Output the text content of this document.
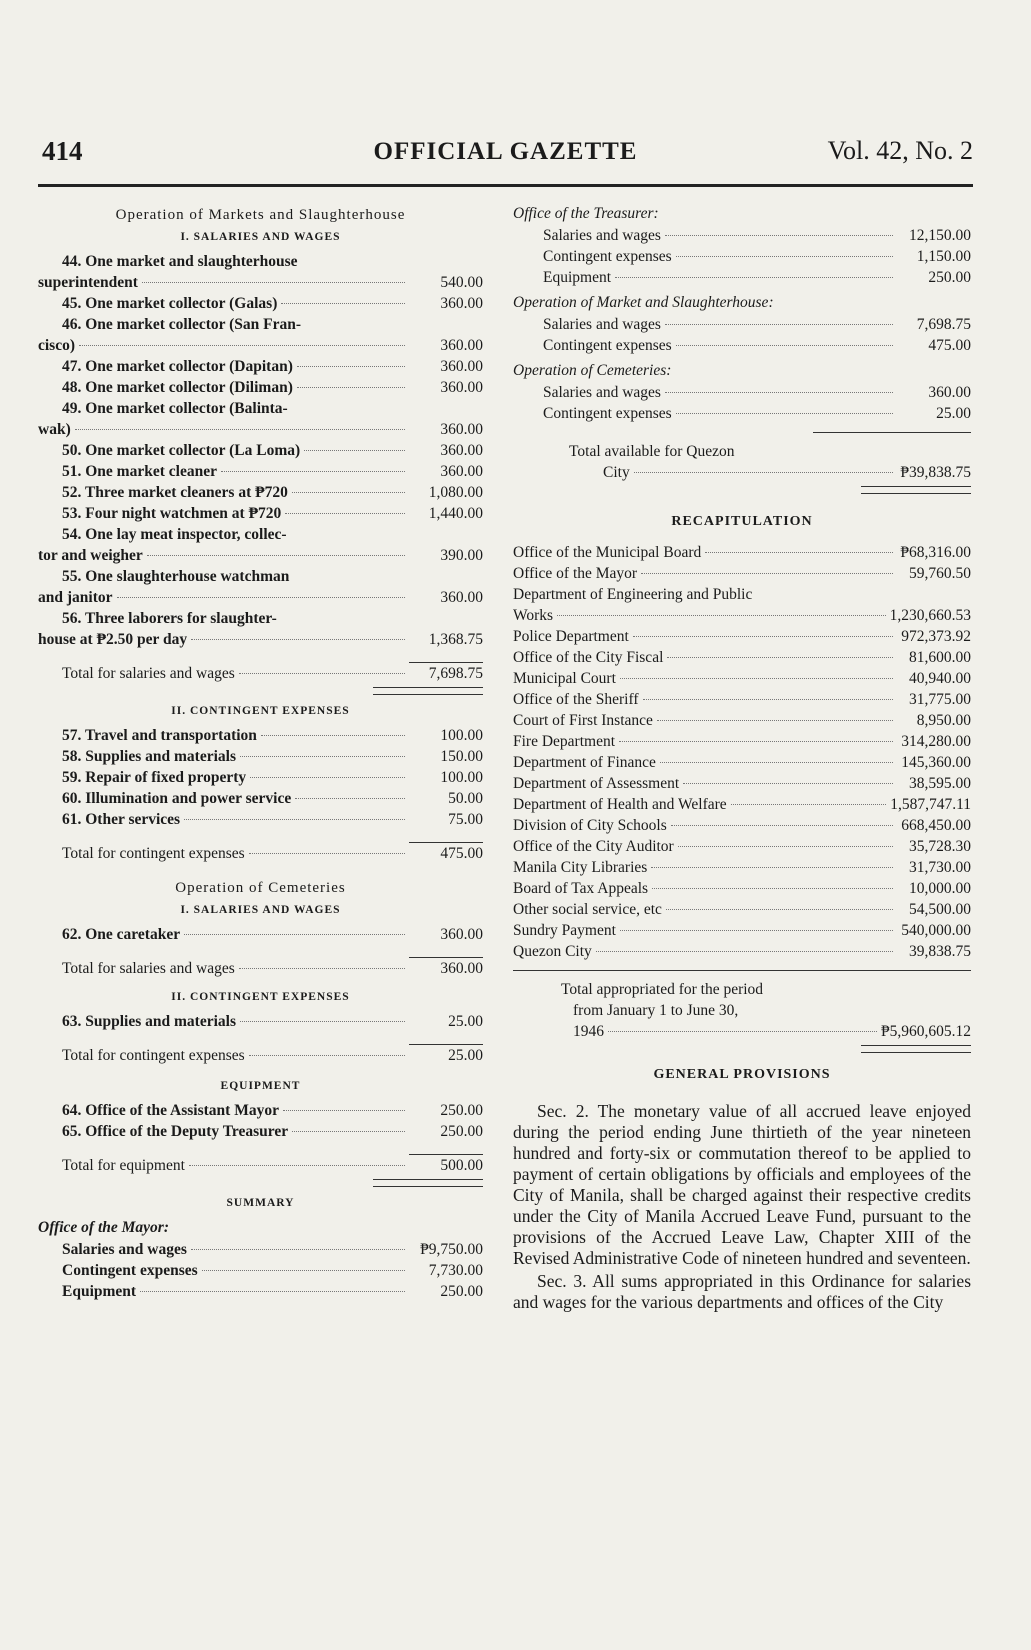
414	OFFICIAL GAZETTE	Vol. 42, No. 2
Operation of Markets and Slaughterhouse
I. SALARIES AND WAGES
44. One market and slaughterhouse
superintendent	540.00
45. One market collector (Galas)	360.00
46. One market collector (San Fran-
cisco)	360.00
47. One market collector (Dapitan)	360.00
48. One market collector (Diliman)	360.00
49. One market collector (Balinta-
wak)	360.00
50. One market collector (La Loma)	360.00
51. One market cleaner	360.00
52. Three market cleaners at ₱720	1,080.00
53. Four night watchmen at ₱720	1,440.00
54. One lay meat inspector, collec-
tor and weigher	390.00
55. One slaughterhouse watchman
and janitor	360.00
56. Three laborers for slaughter-
house at ₱2.50 per day	1,368.75
Total for salaries and wages	7,698.75
II. CONTINGENT EXPENSES
57. Travel and transportation	100.00
58. Supplies and materials	150.00
59. Repair of fixed property	100.00
60. Illumination and power service	50.00
61. Other services	75.00
Total for contingent expenses	475.00
Operation of Cemeteries
I. SALARIES AND WAGES
62. One caretaker	360.00
Total for salaries and wages	360.00
II. CONTINGENT EXPENSES
63. Supplies and materials	25.00
Total for contingent expenses	25.00
EQUIPMENT
64. Office of the Assistant Mayor	250.00
65. Office of the Deputy Treasurer	250.00
Total for equipment	500.00
SUMMARY
Office of the Mayor:
Salaries and wages	₱9,750.00
Contingent expenses	7,730.00
Equipment	250.00
Office of the Treasurer:
Salaries and wages	12,150.00
Contingent expenses	1,150.00
Equipment	250.00
Operation of Market and Slaughterhouse:
Salaries and wages	7,698.75
Contingent expenses	475.00
Operation of Cemeteries:
Salaries and wages	360.00
Contingent expenses	25.00
Total available for Quezon
City	₱39,838.75
RECAPITULATION
Office of the Municipal Board	₱68,316.00
Office of the Mayor	59,760.50
Department of Engineering and Public
Works	1,230,660.53
Police Department	972,373.92
Office of the City Fiscal	81,600.00
Municipal Court	40,940.00
Office of the Sheriff	31,775.00
Court of First Instance	8,950.00
Fire Department	314,280.00
Department of Finance	145,360.00
Department of Assessment	38,595.00
Department of Health and Welfare	1,587,747.11
Division of City Schools	668,450.00
Office of the City Auditor	35,728.30
Manila City Libraries	31,730.00
Board of Tax Appeals	10,000.00
Other social service, etc	54,500.00
Sundry Payment	540,000.00
Quezon City	39,838.75
Total appropriated for the period
from January 1 to June 30,
1946	₱5,960,605.12
GENERAL PROVISIONS

Sec. 2. The monetary value of all accrued leave enjoyed during the period ending June thirtieth of the year nineteen hundred and forty-six or commutation thereof to be applied to payment of certain obligations by officials and employees of the City of Manila, shall be charged against their respective credits under the City of Manila Accrued Leave Fund, pursuant to the provisions of the Accrued Leave Law, Chapter XIII of the Revised Administrative Code of nineteen hundred and seventeen.

Sec. 3. All sums appropriated in this Ordinance for salaries and wages for the various departments and offices of the City
